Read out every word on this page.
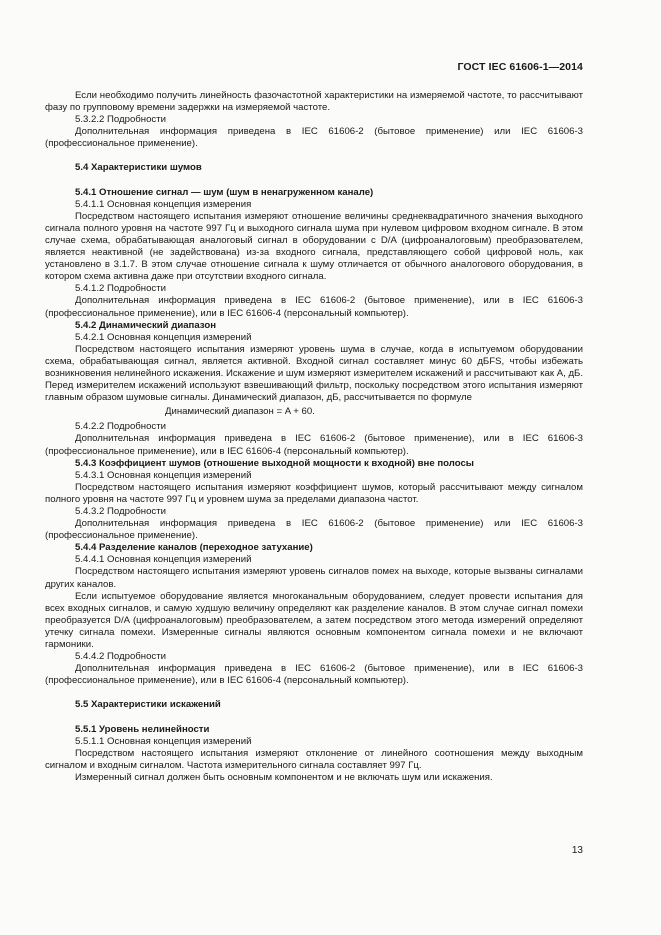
ГОСТ IEC 61606-1—2014
Если необходимо получить линейность фазочастотной характеристики на измеряемой частоте, то рассчитывают фазу по групповому времени задержки на измеряемой частоте.
5.3.2.2 Подробности
Дополнительная информация приведена в IEC 61606-2 (бытовое применение) или IEC 61606-3 (профессиональное применение).
5.4 Характеристики шумов
5.4.1 Отношение сигнал — шум (шум в ненагруженном канале)
5.4.1.1 Основная концепция измерения
Посредством настоящего испытания измеряют отношение величины среднеквадратичного значения выходного сигнала полного уровня на частоте 997 Гц и выходного сигнала шума при нулевом цифровом входном сигнале. В этом случае схема, обрабатывающая аналоговый сигнал в оборудовании с D/A (цифроаналоговым) преобразователем, является неактивной (не задействована) из-за входного сигнала, представляющего собой цифровой ноль, как установлено в 3.1.7. В этом случае отношение сигнала к шуму отличается от обычного аналогового оборудования, в котором схема активна даже при отсутствии входного сигнала.
5.4.1.2 Подробности
Дополнительная информация приведена в IEC 61606-2 (бытовое применение), или в IEC 61606-3 (профессиональное применение), или в IEC 61606-4 (персональный компьютер).
5.4.2 Динамический диапазон
5.4.2.1 Основная концепция измерений
Посредством настоящего испытания измеряют уровень шума в случае, когда в испытуемом оборудовании схема, обрабатывающая сигнал, является активной. Входной сигнал составляет минус 60 дБFS, чтобы избежать возникновения нелинейного искажения. Искажение и шум измеряют измерителем искажений и рассчитывают как A, дБ. Перед измерителем искажений используют взвешивающий фильтр, поскольку посредством этого испытания измеряют главным образом шумовые сигналы. Динамический диапазон, дБ, рассчитывается по формуле
Динамический диапазон = A + 60.
5.4.2.2 Подробности
Дополнительная информация приведена в IEC 61606-2 (бытовое применение), или в IEC 61606-3 (профессиональное применение), или в IEC 61606-4 (персональный компьютер).
5.4.3 Коэффициент шумов (отношение выходной мощности к входной) вне полосы
5.4.3.1 Основная концепция измерений
Посредством настоящего испытания измеряют коэффициент шумов, который рассчитывают между сигналом полного уровня на частоте 997 Гц и уровнем шума за пределами диапазона частот.
5.4.3.2 Подробности
Дополнительная информация приведена в IEC 61606-2 (бытовое применение) или IEC 61606-3 (профессиональное применение).
5.4.4 Разделение каналов (переходное затухание)
5.4.4.1 Основная концепция измерений
Посредством настоящего испытания измеряют уровень сигналов помех на выходе, которые вызваны сигналами других каналов.
Если испытуемое оборудование является многоканальным оборудованием, следует провести испытания для всех входных сигналов, и самую худшую величину определяют как разделение каналов. В этом случае сигнал помехи преобразуется D/A (цифроаналоговым) преобразователем, а затем посредством этого метода измерений определяют утечку сигнала помехи. Измеренные сигналы являются основным компонентом сигнала помехи и не включают гармоники.
5.4.4.2 Подробности
Дополнительная информация приведена в IEC 61606-2 (бытовое применение), или в IEC 61606-3 (профессиональное применение), или в IEC 61606-4 (персональный компьютер).
5.5 Характеристики искажений
5.5.1 Уровень нелинейности
5.5.1.1 Основная концепция измерений
Посредством настоящего испытания измеряют отклонение от линейного соотношения между выходным сигналом и входным сигналом. Частота измерительного сигнала составляет 997 Гц.
Измеренный сигнал должен быть основным компонентом и не включать шум или искажения.
13
